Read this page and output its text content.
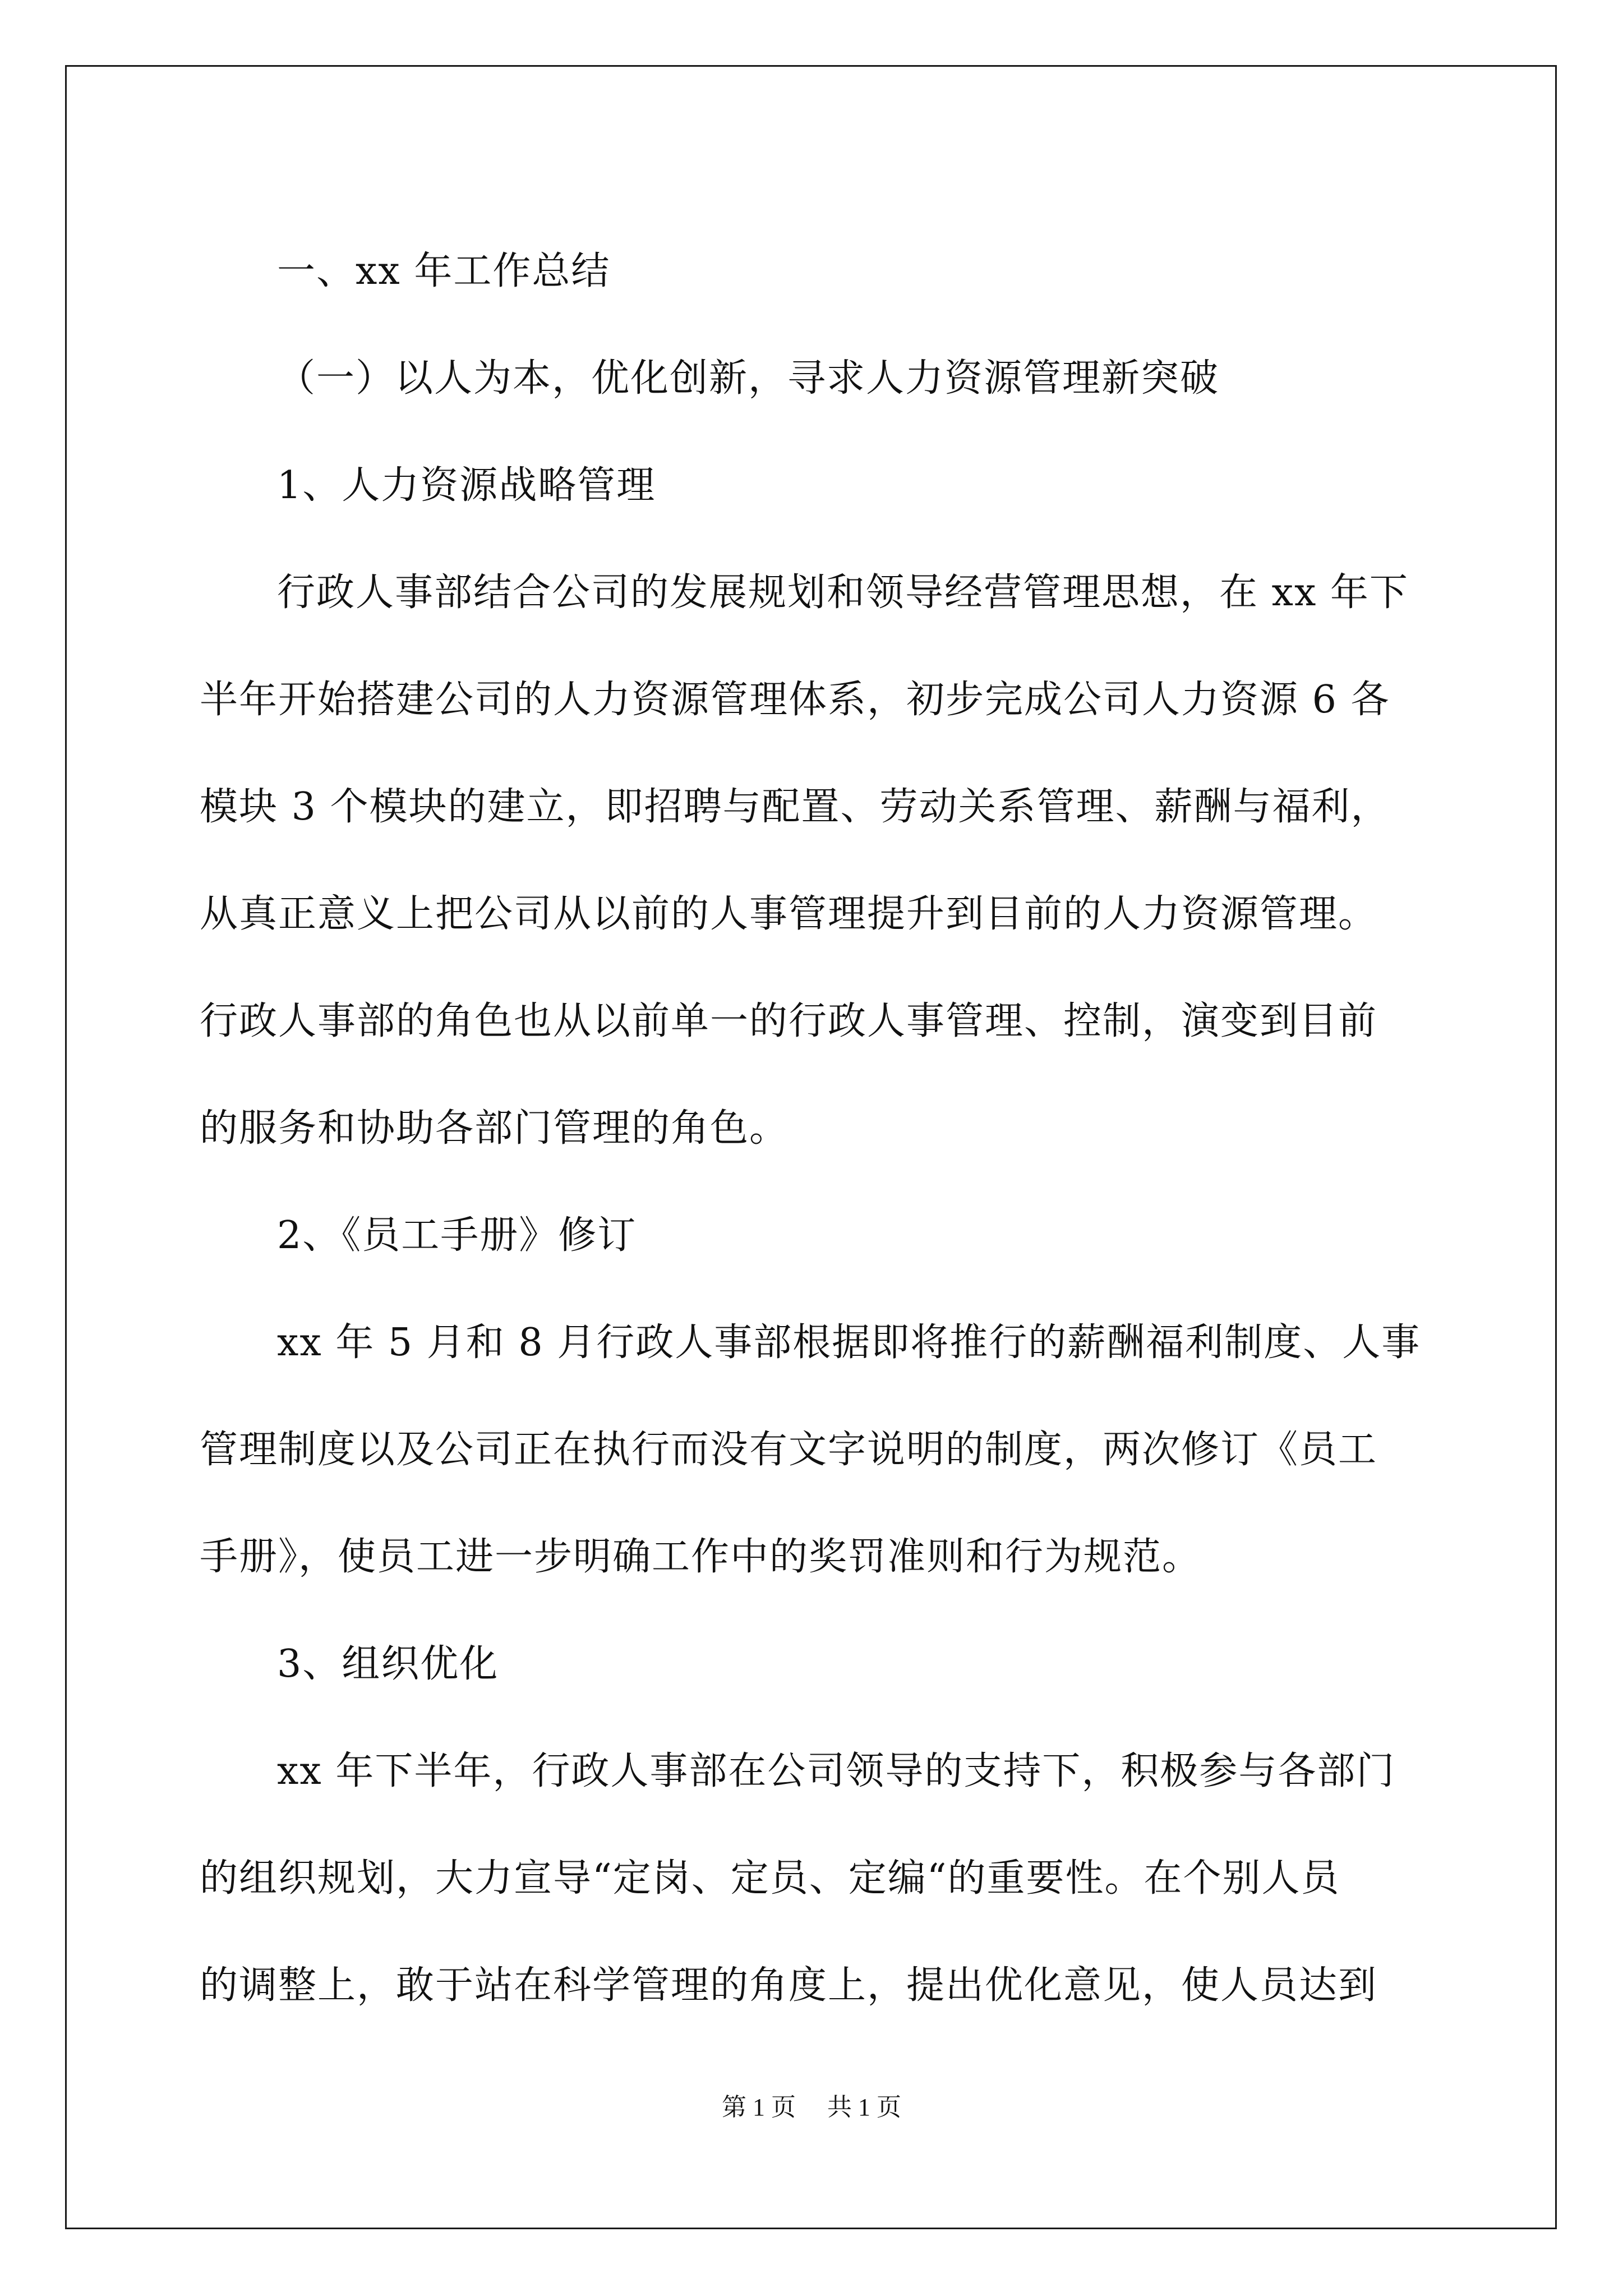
一、xx 年工作总结
（一）以人为本，优化创新，寻求人力资源管理新突破
1、人力资源战略管理
行政人事部结合公司的发展规划和领导经营管理思想，在 xx 年下
半年开始搭建公司的人力资源管理体系，初步完成公司人力资源 6 各
模块 3 个模块的建立，即招聘与配置、劳动关系管理、薪酬与福利，
从真正意义上把公司从以前的人事管理提升到目前的人力资源管理。
行政人事部的角色也从以前单一的行政人事管理、控制，演变到目前
的服务和协助各部门管理的角色。
2、《员工手册》修订
xx 年 5 月和 8 月行政人事部根据即将推行的薪酬福利制度、人事
管理制度以及公司正在执行而没有文字说明的制度，两次修订《员工
手册》，使员工进一步明确工作中的奖罚准则和行为规范。
3、组织优化
xx 年下半年，行政人事部在公司领导的支持下，积极参与各部门
的组织规划，大力宣导“定岗、定员、定编“的重要性。在个别人员
的调整上，敢于站在科学管理的角度上，提出优化意见，使人员达到
第 1 页 共 1 页
